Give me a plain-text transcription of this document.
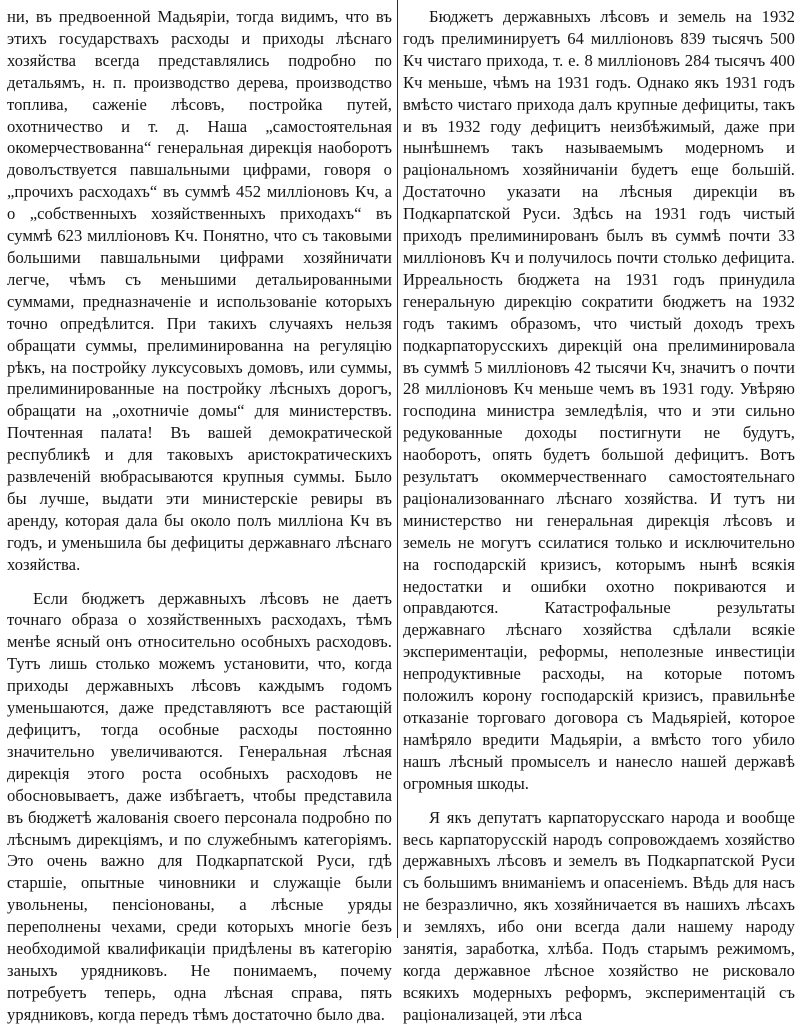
ни, въ предвоенной Мадьяріи, тогда видимъ, что въ этихъ государствахъ расходы и приходы лѣснаго хозяйства всегда представлялись подробно по детальямъ, н. п. производство дерева, производство топлива, саженіе лѣсовъ, постройка путей, охотничество и т. д. Наша „самостоятельная окомерчествованна“ генеральная дирекція наоборотъ доволъствуется павшальными цифрами, говоря о „прочихъ расходахъ“ въ суммѣ 452 милліоновъ Кч, а о „собственныхъ хозяйственныхъ приходахъ“ въ суммѣ 623 милліоновъ Кч. Понятно, что съ таковыми большими павшальными цифрами хозяйничати легче, чѣмъ съ меньшими детальированными суммами, предназначеніе и использованіе которыхъ точно опредѣлится. При такихъ случаяхъ нельзя обращати суммы, прелиминированна на регуляцію рѣкъ, на постройку луксусовыхъ домовъ, или суммы, прелиминированные на постройку лѣсныхъ дорогъ, обращати на „охотничіе домы“ для министерствъ. Почтенная палата! Въ вашей демократической республикѣ и для таковыхъ аристократическихъ развлеченій вюбрасываются крупныя суммы. Было бы лучше, выдати эти министерскіе ревиры въ аренду, которая дала бы около полъ милліона Кч въ годъ, и уменьшила бы дефициты державнаго лѣснаго хозяйства.

Если бюджетъ державныхъ лѣсовъ не даетъ точнаго образа о хозяйственныхъ расходахъ, тѣмъ менѣе ясный онъ относительно особныхъ расходовъ. Тутъ лишь столько можемъ установити, что, когда приходы державныхъ лѣсовъ каждымъ годомъ уменьшаются, даже представляютъ все растающій дефицитъ, тогда особные расходы постоянно значительно увеличиваются. Генеральная лѣсная дирекція этого роста особныхъ расходовъ не обосновываетъ, даже избѣгаетъ, чтобы представила въ бюджетѣ жалованія своего персонала подробно по лѣснымъ дирекціямъ, и по служебнымъ категоріямъ. Это очень важно для Подкарпатской Руси, гдѣ старшіе, опытные чиновники и служащіе были увольнены, пенсіонованы, а лѣсные уряды переполнены чехами, среди которыхъ многіе безъ необходимой квалификаціи придѣлены въ категорію заныхъ урядниковъ. Не понимаемъ, почему потребуетъ теперь, одна лѣсная справа, пять урядниковъ, когда передъ тѣмъ достаточно было два.

Бюджетъ державныхъ лѣсовъ и земель на 1932 годъ прелиминируетъ 64 милліоновъ 839 тысячъ 500 Кч чистаго прихода, т. е. 8 милліоновъ 284 тысячъ 400 Кч меньше, чѣмъ на 1931 годъ. Однако якъ 1931 годъ вмѣсто чистаго прихода далъ крупные дефициты, такъ и въ 1932 году дефицитъ неизбѣжимый, даже при нынѣшнемъ такъ называемымъ модерномъ и раціональномъ хозяйничаніи будетъ еще большій. Достаточно указати на лѣсныя дирекціи въ Подкарпатской Руси. Здѣсь на 1931 годъ чистый приходъ прелиминированъ былъ въ суммѣ почти 33 милліоновъ Кч и получилось почти столько дефицита. Ирреальность бюджета на 1931 годъ принудила генеральную дирекцію сократити бюджетъ на 1932 годъ такимъ образомъ, что чистый доходъ трехъ подкарпаторусскихъ дирекцій она прелиминировала въ суммѣ 5 милліоновъ 42 тысячи Кч, значитъ о почти 28 милліоновъ Кч меньше чемъ въ 1931 году. Увѣряю господина министра земледѣлія, что и эти сильно редукованные доходы постигнути не будутъ, наоборотъ, опять будетъ большой дефицитъ. Вотъ результатъ окоммерчественнаго самостоятельнаго раціонализованнаго лѣснаго хозяйства. И тутъ ни министерство ни генеральная дирекція лѣсовъ и земель не могутъ ссилатися только и исключительно на господарскій кризисъ, которымъ нынѣ всякія недостатки и ошибки охотно покриваются и оправдаются. Катастрофальные результаты державнаго лѣснаго хозяйства сдѣлали всякіе экспериментаціи, реформы, неполезные инвестиціи непродуктивные расходы, на которые потомъ положилъ корону господарскій кризисъ, правильнѣе отказаніе торговаго договора съ Мадьяріей, которое намѣряло вредити Мадьяріи, а вмѣсто того убило нашъ лѣсный промыселъ и нанесло нашей державѣ огромныя шкоды.

Я якъ депутатъ карпаторусскаго народа и вообще весь карпаторусскій народъ сопровождаемъ хозяйство державныхъ лѣсовъ и земелъ въ Подкарпатской Руси съ большимъ вниманіемъ и опасеніемъ. Вѣдь для насъ не безразлично, якъ хозяйничается въ нашихъ лѣсахъ и земляхъ, ибо они всегда дали нашему народу занятія, заработка, хлѣба. Подъ старымъ режимомъ, когда державное лѣсное хозяйство не рисковало всякихъ модерныхъ реформъ, экспериментацій съ раціонализацей, эти лѣса
